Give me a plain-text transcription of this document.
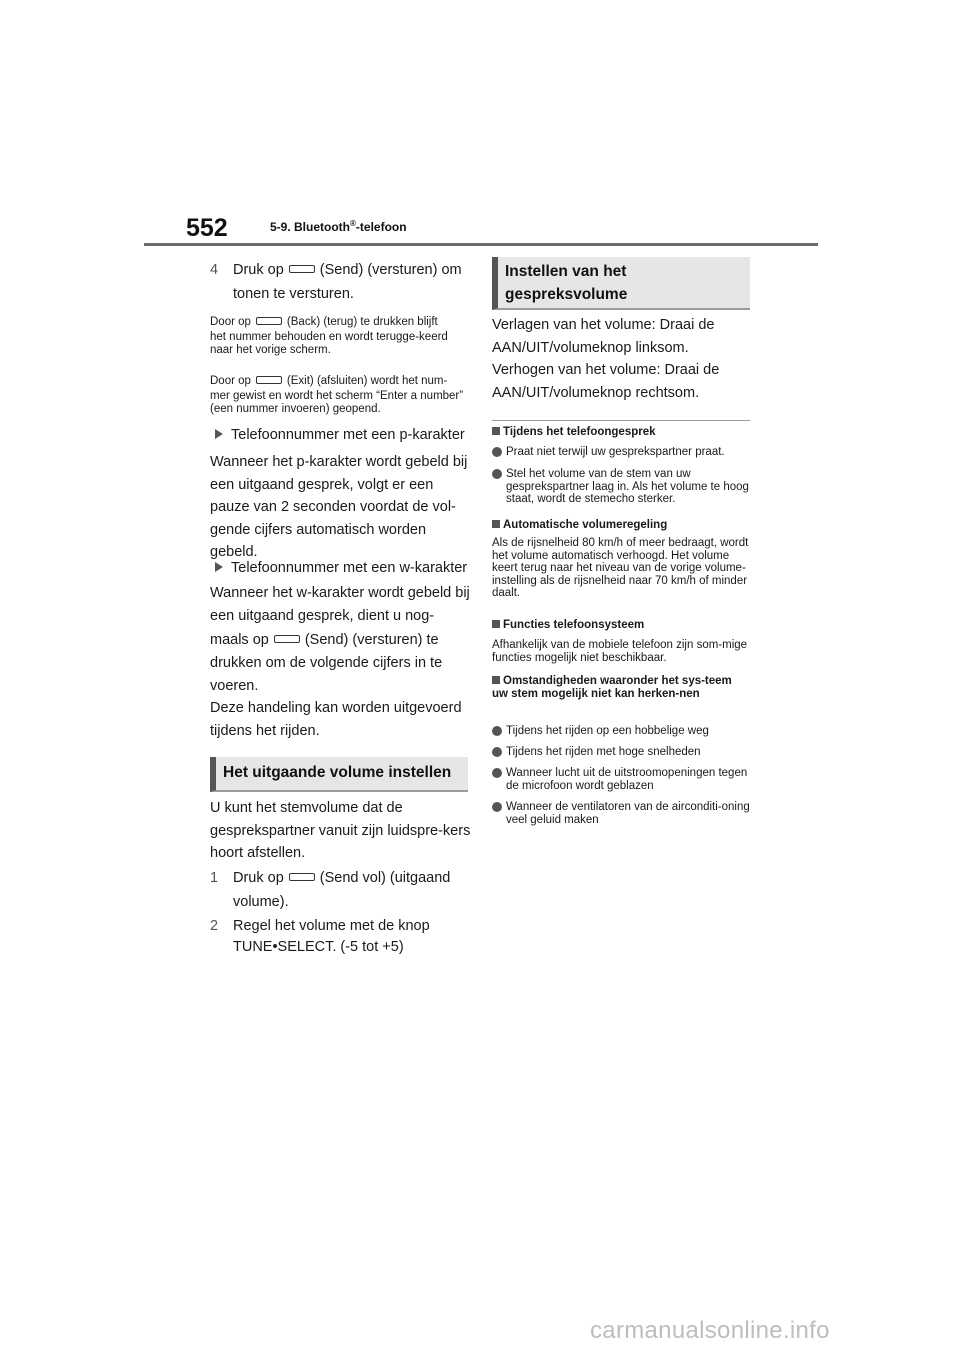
552	5-9. Bluetooth®-telefoon
4	Druk op (Send) (versturen) om tonen te versturen.
Door op	(Back) (terug) te drukken blijft
het nummer behouden en wordt terugge-keerd naar het vorige scherm.
Door op	(Exit) (afsluiten) wordt het num-
mer gewist en wordt het scherm “Enter a number” (een nummer invoeren) geopend.
Telefoonnummer met een p-karakter
Wanneer het p-karakter wordt gebeld bij een uitgaand gesprek, volgt er een pauze van 2 seconden voordat de vol-gende cijfers automatisch worden gebeld.
Telefoonnummer met een w-karakter
Wanneer het w-karakter wordt gebeld bij een uitgaand gesprek, dient u nog-
maals op (Send) (versturen) te
drukken om de volgende cijfers in te voeren.
Deze handeling kan worden uitgevoerd tijdens het rijden.
Het uitgaande volume instellen
U kunt het stemvolume dat de gesprekspartner vanuit zijn luidspre-kers hoort afstellen.
1	Druk op (Send vol) (uitgaand volume).
2	Regel het volume met de knop TUNE•SELECT. (-5 tot +5)
Instellen van het gespreksvolume
Verlagen van het volume: Draai de AAN/UIT/volumeknop linksom.
Verhogen van het volume: Draai de AAN/UIT/volumeknop rechtsom.
Tijdens het telefoongesprek
Praat niet terwijl uw gesprekspartner praat.
Stel het volume van de stem van uw gesprekspartner laag in. Als het volume te hoog staat, wordt de stemecho sterker.
Automatische volumeregeling
Als de rijsnelheid 80 km/h of meer bedraagt, wordt het volume automatisch verhoogd. Het volume keert terug naar het niveau van de vorige volume-instelling als de rijsnelheid naar 70 km/h of minder daalt.
Functies telefoonsysteem
Afhankelijk van de mobiele telefoon zijn som-mige functies mogelijk niet beschikbaar.
Omstandigheden waaronder het sys-teem uw stem mogelijk niet kan herken-nen
Tijdens het rijden op een hobbelige weg
Tijdens het rijden met hoge snelheden
Wanneer lucht uit de uitstroomopeningen tegen de microfoon wordt geblazen
Wanneer de ventilatoren van de airconditi-oning veel geluid maken
carmanualsonline.info
